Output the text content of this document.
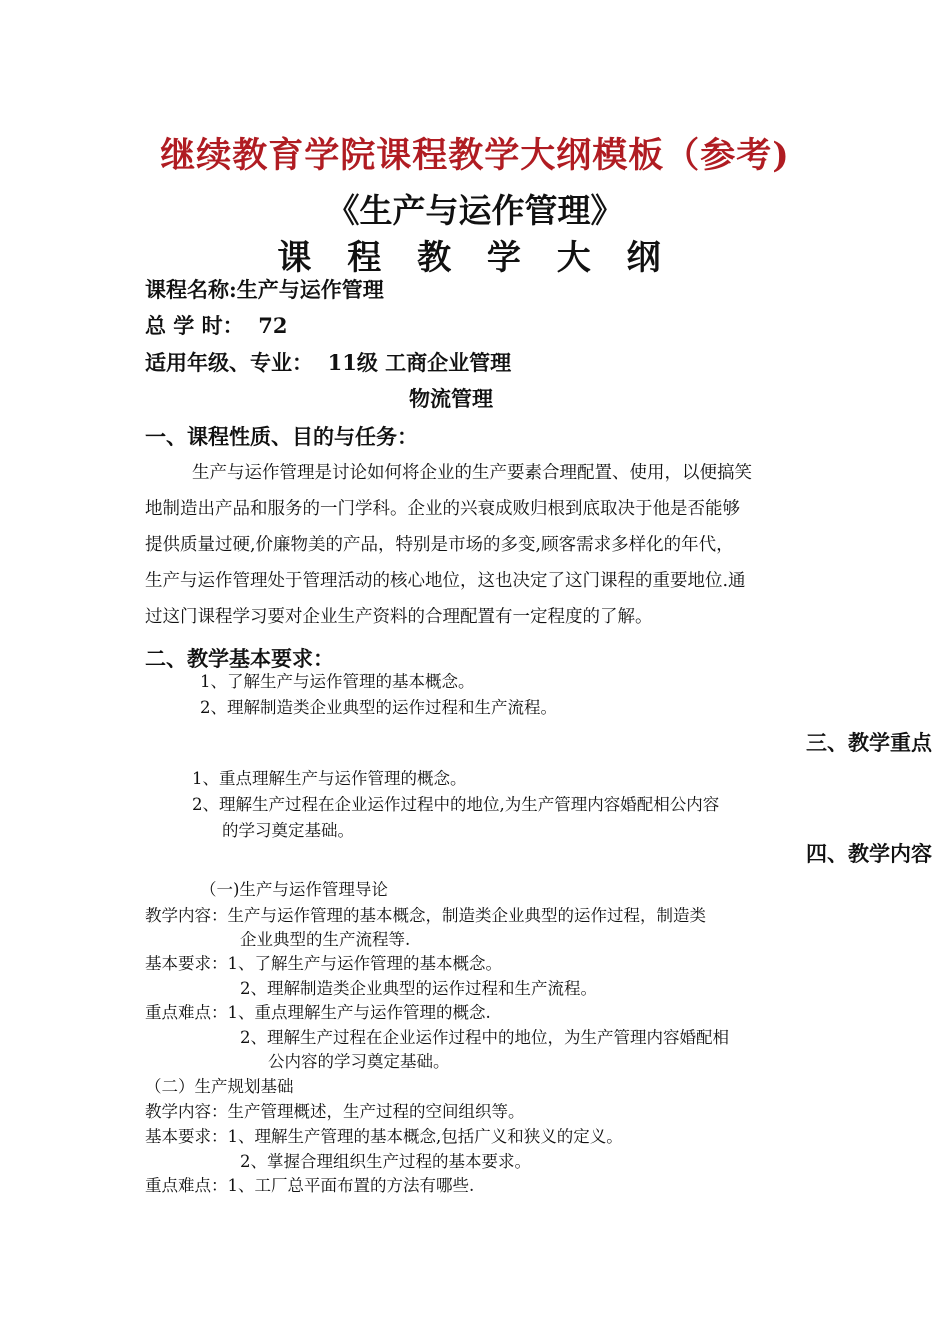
继续教育学院课程教学大纲模板（参考)
《生产与运作管理》
课 程 教 学 大 纲
课程名称:生产与运作管理
总 学 时：  72
适用年级、专业：  11级 工商企业管理
物流管理
一、课程性质、目的与任务：
生产与运作管理是讨论如何将企业的生产要素合理配置、使用，以便搞笑
地制造出产品和服务的一门学科。企业的兴衰成败归根到底取决于他是否能够
提供质量过硬,价廉物美的产品，特别是市场的多变,顾客需求多样化的年代，
生产与运作管理处于管理活动的核心地位，这也决定了这门课程的重要地位.通
过这门课程学习要对企业生产资料的合理配置有一定程度的了解。
二、教学基本要求：
1、了解生产与运作管理的基本概念。
2、理解制造类企业典型的运作过程和生产流程。
三、教学重点
1、重点理解生产与运作管理的概念。
2、理解生产过程在企业运作过程中的地位,为生产管理内容婚配相公内容
的学习奠定基础。
四、教学内容
（一)生产与运作管理导论
教学内容：生产与运作管理的基本概念，制造类企业典型的运作过程，制造类
企业典型的生产流程等.
基本要求：1、了解生产与运作管理的基本概念。
2、理解制造类企业典型的运作过程和生产流程。
重点难点：1、重点理解生产与运作管理的概念.
2、理解生产过程在企业运作过程中的地位，为生产管理内容婚配相
公内容的学习奠定基础。
（二）生产规划基础
教学内容：生产管理概述，生产过程的空间组织等。
基本要求：1、理解生产管理的基本概念,包括广义和狭义的定义。
2、掌握合理组织生产过程的基本要求。
重点难点：1、工厂总平面布置的方法有哪些.
